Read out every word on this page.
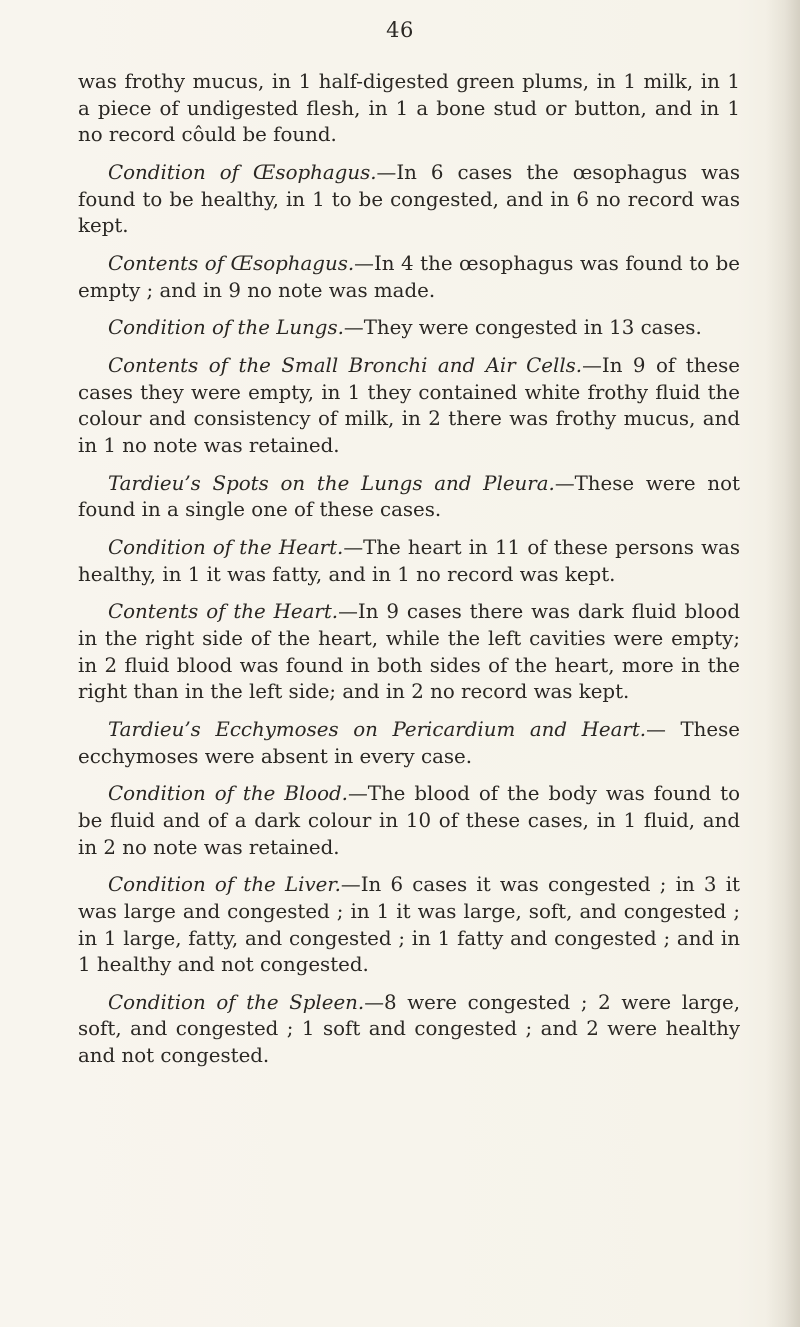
46

was frothy mucus, in 1 half-digested green plums, in 1 milk, in 1 a piece of undigested flesh, in 1 a bone stud or button, and in 1 no record côuld be found.

Condition of Œsophagus.—In 6 cases the œsophagus was found to be healthy, in 1 to be congested, and in 6 no record was kept.

Contents of Œsophagus.—In 4 the œsophagus was found to be empty ; and in 9 no note was made.

Condition of the Lungs.—They were congested in 13 cases.

Contents of the Small Bronchi and Air Cells.—In 9 of these cases they were empty, in 1 they contained white frothy fluid the colour and consistency of milk, in 2 there was frothy mucus, and in 1 no note was retained.

Tardieu’s Spots on the Lungs and Pleura.—These were not found in a single one of these cases.

Condition of the Heart.—The heart in 11 of these persons was healthy, in 1 it was fatty, and in 1 no record was kept.

Contents of the Heart.—In 9 cases there was dark fluid blood in the right side of the heart, while the left cavities were empty; in 2 fluid blood was found in both sides of the heart, more in the right than in the left side; and in 2 no record was kept.

Tardieu’s Ecchymoses on Pericardium and Heart.— These ecchymoses were absent in every case.

Condition of the Blood.—The blood of the body was found to be fluid and of a dark colour in 10 of these cases, in 1 fluid, and in 2 no note was retained.

Condition of the Liver.—In 6 cases it was congested ; in 3 it was large and congested ; in 1 it was large, soft, and congested ; in 1 large, fatty, and congested ; in 1 fatty and congested ; and in 1 healthy and not congested.

Condition of the Spleen.—8 were congested ; 2 were large, soft, and congested ; 1 soft and congested ; and 2 were healthy and not congested.
